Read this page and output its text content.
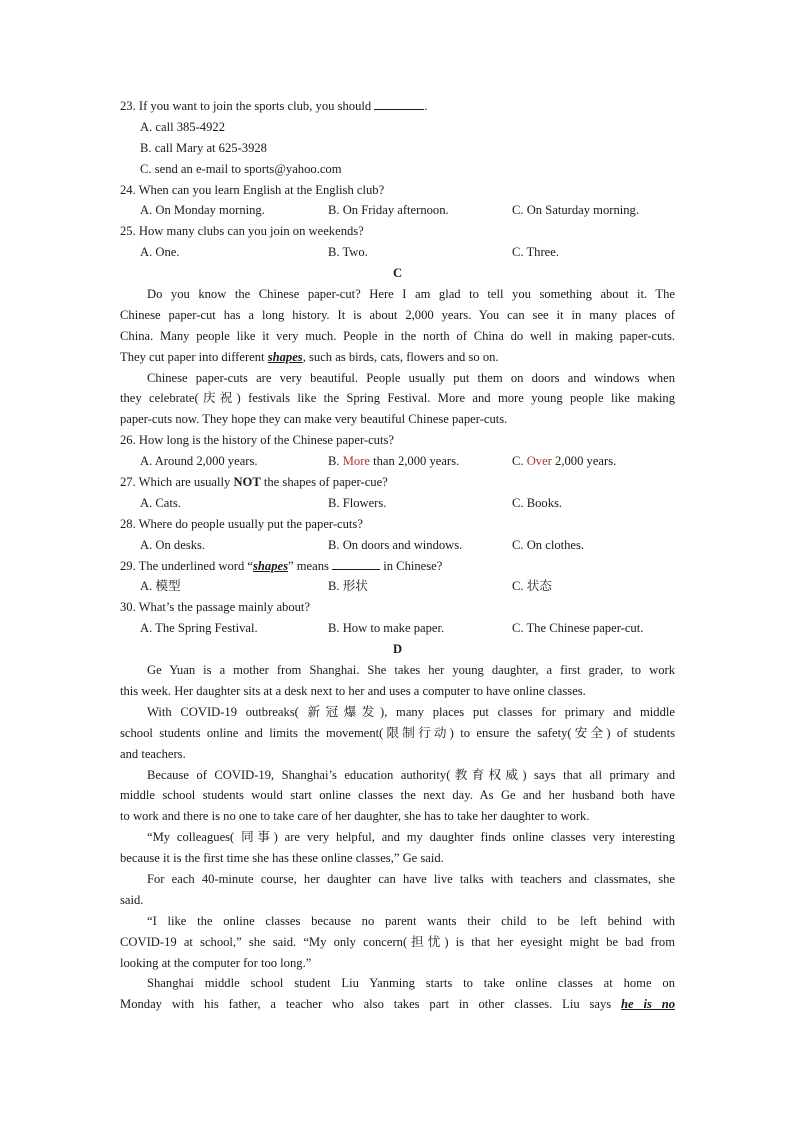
23. If you want to join the sports club, you should	.
A. call 385-4922
B. call Mary at 625-3928
C. send an e-mail to sports@yahoo.com
24. When can you learn English at the English club?
A. On Monday morning.	B. On Friday afternoon.	C. On Saturday morning.
25. How many clubs can you join on weekends?
A. One.	B. Two.	C. Three.
C
Do you know the Chinese paper-cut? Here I am glad to tell you something about it. The
Chinese paper-cut has a long history. It is about 2,000 years. You can see it in many places of
China. Many people like it very much. People in the north of China do well in making paper-cuts.
They cut paper into different shapes, such as birds, cats, flowers and so on.
Chinese paper-cuts are very beautiful. People usually put them on doors and windows when
they celebrate(庆祝) festivals like the Spring Festival. More and more young people like making
paper-cuts now. They hope they can make very beautiful Chinese paper-cuts.
26. How long is the history of the Chinese paper-cuts?
A. Around 2,000 years.	B. More than 2,000 years.	C. Over 2,000 years.
27. Which are usually NOT the shapes of paper-cue?
A. Cats.	B. Flowers.	C. Books.
28. Where do people usually put the paper-cuts?
A. On desks.	B. On doors and windows.	C. On clothes.
29. The underlined word “shapes” means	in Chinese?
A. 模型	B. 形状	C. 状态
30. What’s the passage mainly about?
A. The Spring Festival.	B. How to make paper.	C. The Chinese paper-cut.
D
Ge Yuan is a mother from Shanghai. She takes her young daughter, a first grader, to work
this week. Her daughter sits at a desk next to her and uses a computer to have online classes.
With COVID-19 outbreaks( 新冠爆发), many places put classes for primary and middle
school students online and limits the movement(限制行动) to ensure the safety(安全) of students
and teachers.
Because of COVID-19, Shanghai’s education authority(教育权威) says that all primary and
middle school students would start online classes the next day. As Ge and her husband both have
to work and there is no one to take care of her daughter, she has to take her daughter to work.
“My colleagues( 同事) are very helpful, and my daughter finds online classes very interesting
because it is the first time she has these online classes,” Ge said.
For each 40-minute course, her daughter can have live talks with teachers and classmates, she
said.
“I like the online classes because no parent wants their child to be left behind with
COVID-19 at school,” she said. “My only concern(担忧) is that her eyesight might be bad from
looking at the computer for too long.”
Shanghai middle school student Liu Yanming starts to take online classes at home on
Monday with his father, a teacher who also takes part in other classes. Liu says he is no
